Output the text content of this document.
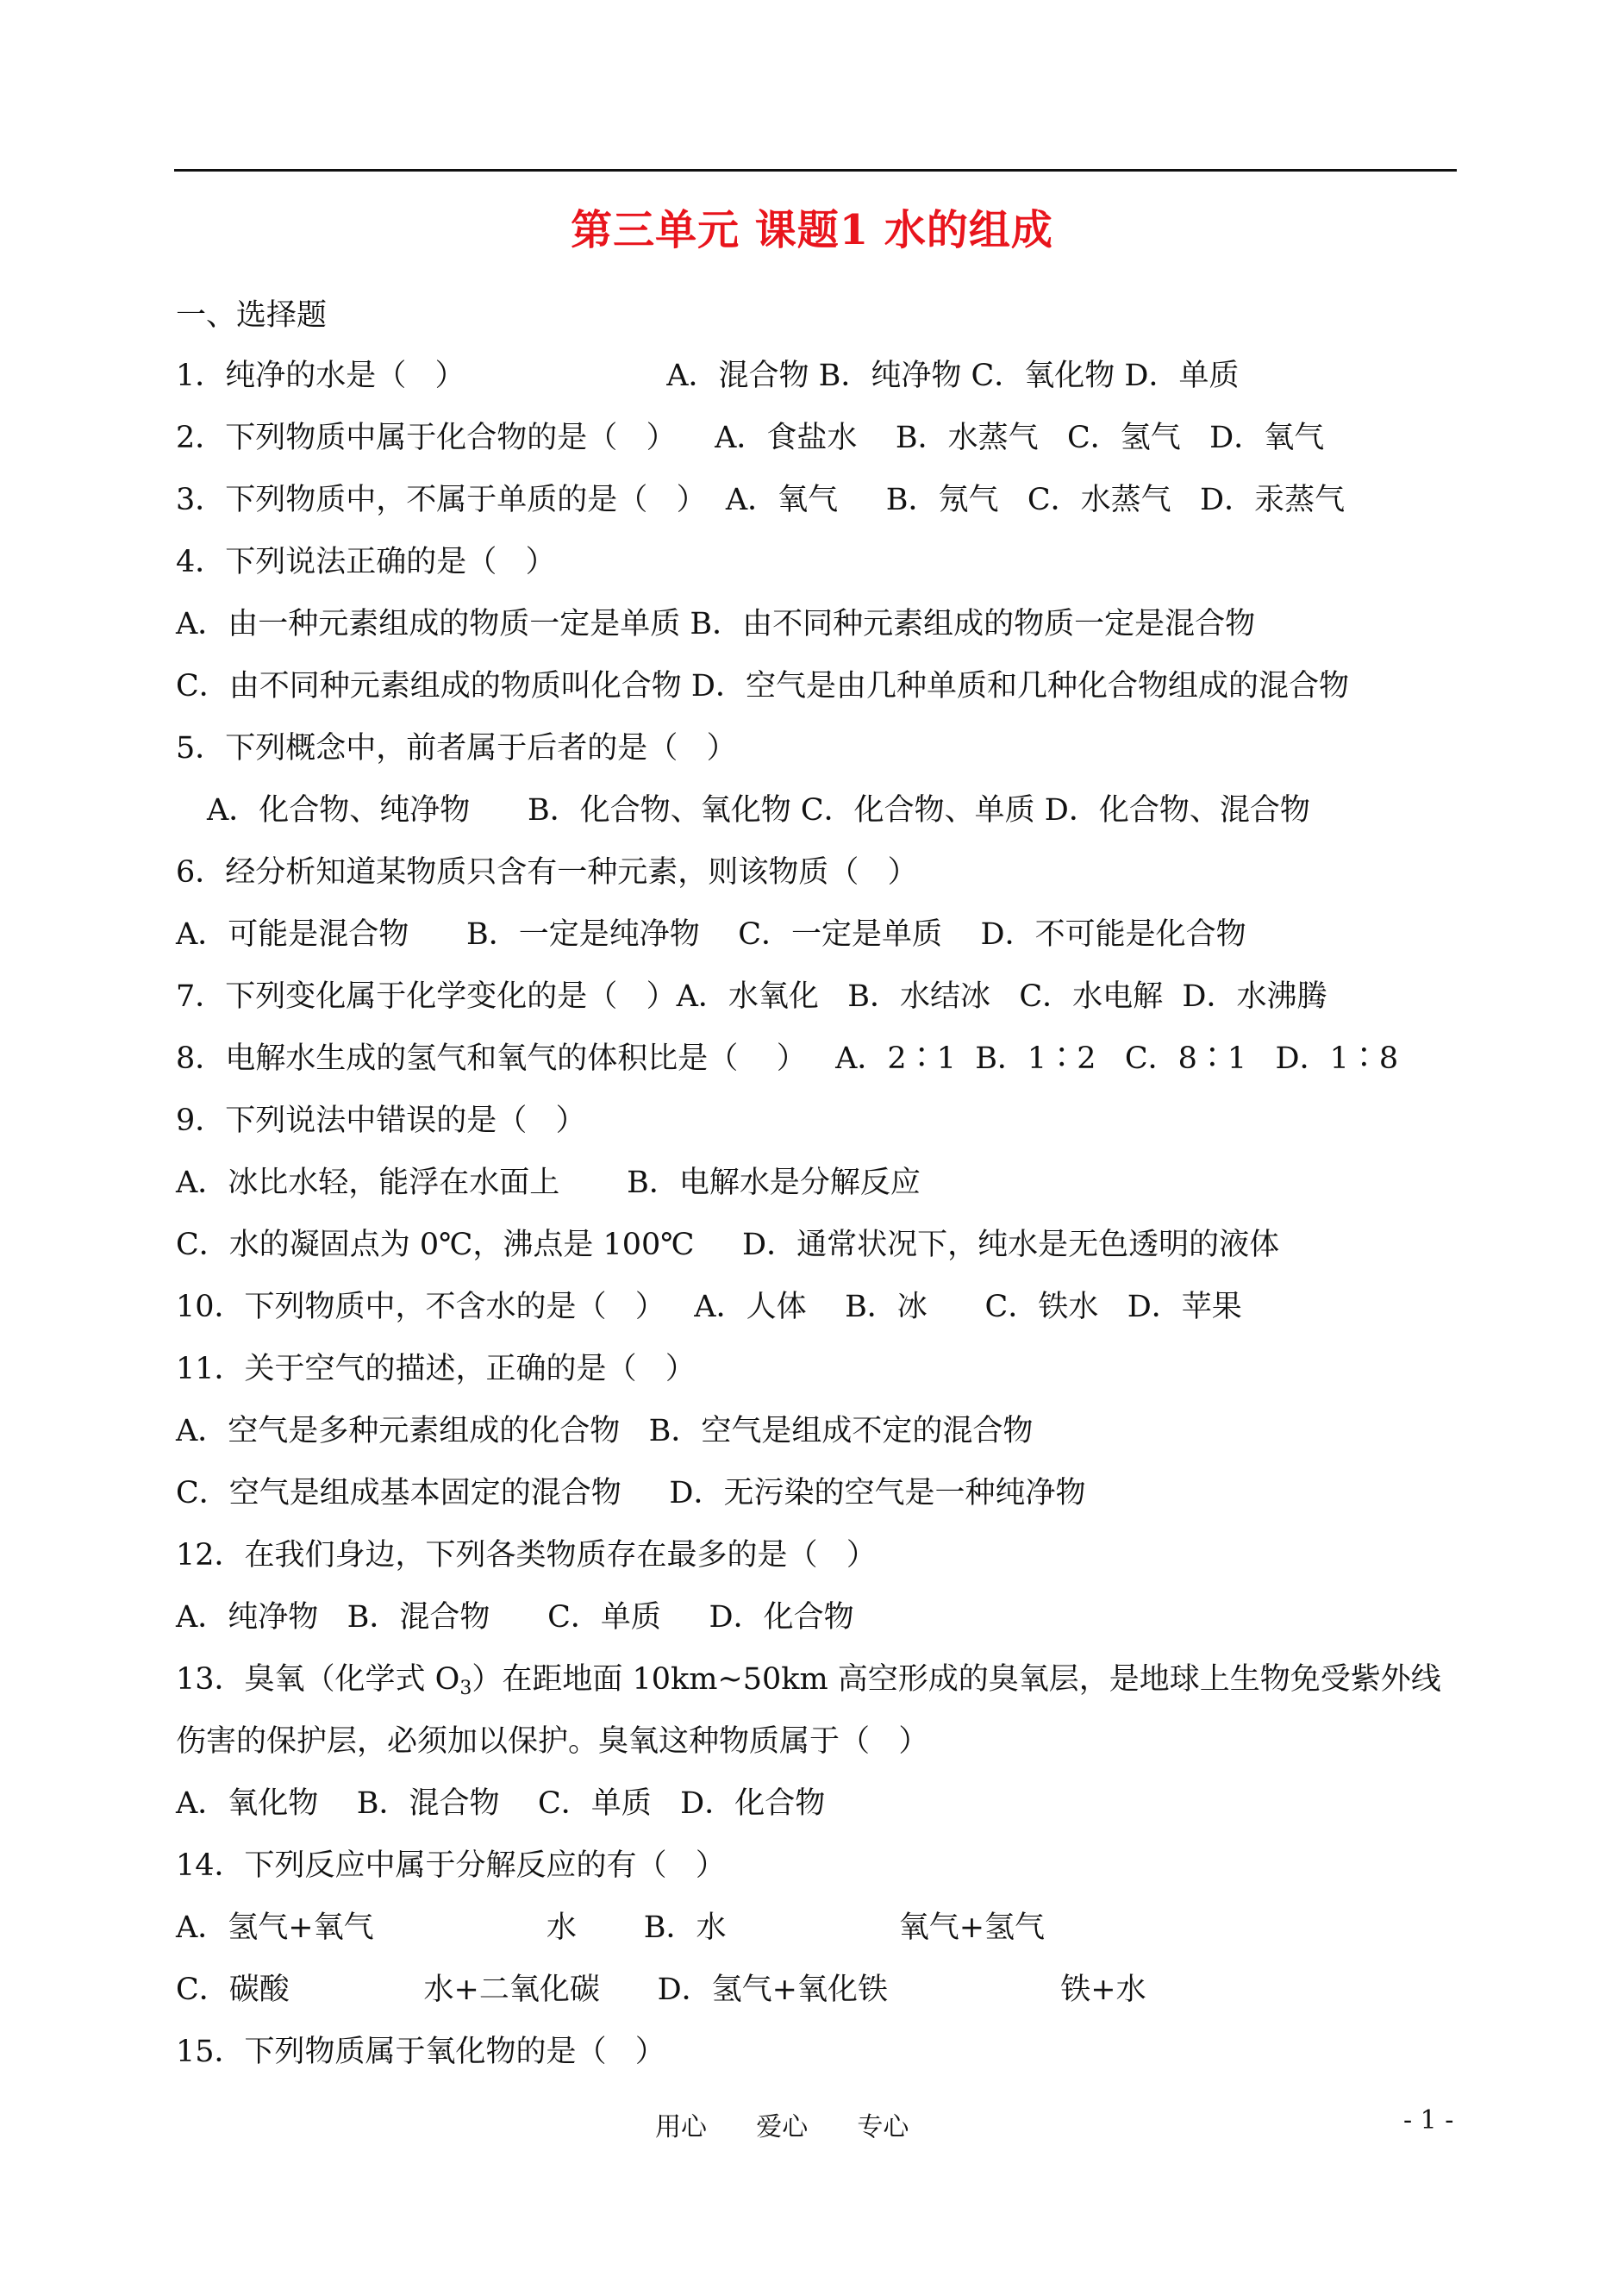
第三单元 课题1 水的组成
一、选择题
1．纯净的水是（   ）                     A．混合物 B．纯净物 C．氧化物 D．单质
2．下列物质中属于化合物的是（   ）    A．食盐水    B．水蒸气   C．氢气   D．氧气
3．下列物质中，不属于单质的是（   ）  A．氧气     B．氖气   C．水蒸气   D．汞蒸气
4．下列说法正确的是（   ）
A．由一种元素组成的物质一定是单质 B．由不同种元素组成的物质一定是混合物
C．由不同种元素组成的物质叫化合物 D．空气是由几种单质和几种化合物组成的混合物
5．下列概念中，前者属于后者的是（   ）
A．化合物、纯净物      B．化合物、氧化物 C．化合物、单质 D．化合物、混合物
6．经分析知道某物质只含有一种元素，则该物质（   ）
A．可能是混合物      B．一定是纯净物    C．一定是单质    D．不可能是化合物
7．下列变化属于化学变化的是（   ）A．水氧化   B．水结冰   C．水电解  D．水沸腾
8．电解水生成的氢气和氧气的体积比是（    ）   A．2∶1  B．1∶2   C．8∶1   D．1∶8
9．下列说法中错误的是（   ）
A．冰比水轻，能浮在水面上       B．电解水是分解反应
C．水的凝固点为 0℃，沸点是 100℃     D．通常状况下，纯水是无色透明的液体
10．下列物质中，不含水的是（   ）   A．人体    B．冰      C．铁水   D．苹果
11．关于空气的描述，正确的是（   ）
A．空气是多种元素组成的化合物   B．空气是组成不定的混合物
C．空气是组成基本固定的混合物     D．无污染的空气是一种纯净物
12．在我们身边，下列各类物质存在最多的是（   ）
A．纯净物   B．混合物      C．单质     D．化合物
13．臭氧（化学式 $O_3$）在距地面 10km~50km 高空形成的臭氧层，是地球上生物免受紫外线
伤害的保护层，必须加以保护。臭氧这种物质属于（   ）
A．氧化物    B．混合物    C．单质   D．化合物
14．下列反应中属于分解反应的有（   ）
A．氢气+氧气                  水       B．水                  氧气+氢气
C．碳酸              水+二氧化碳      D．氢气+氧化铁                  铁+水
15．下列物质属于氧化物的是（   ）
用心      爱心      专心	- 1 -
